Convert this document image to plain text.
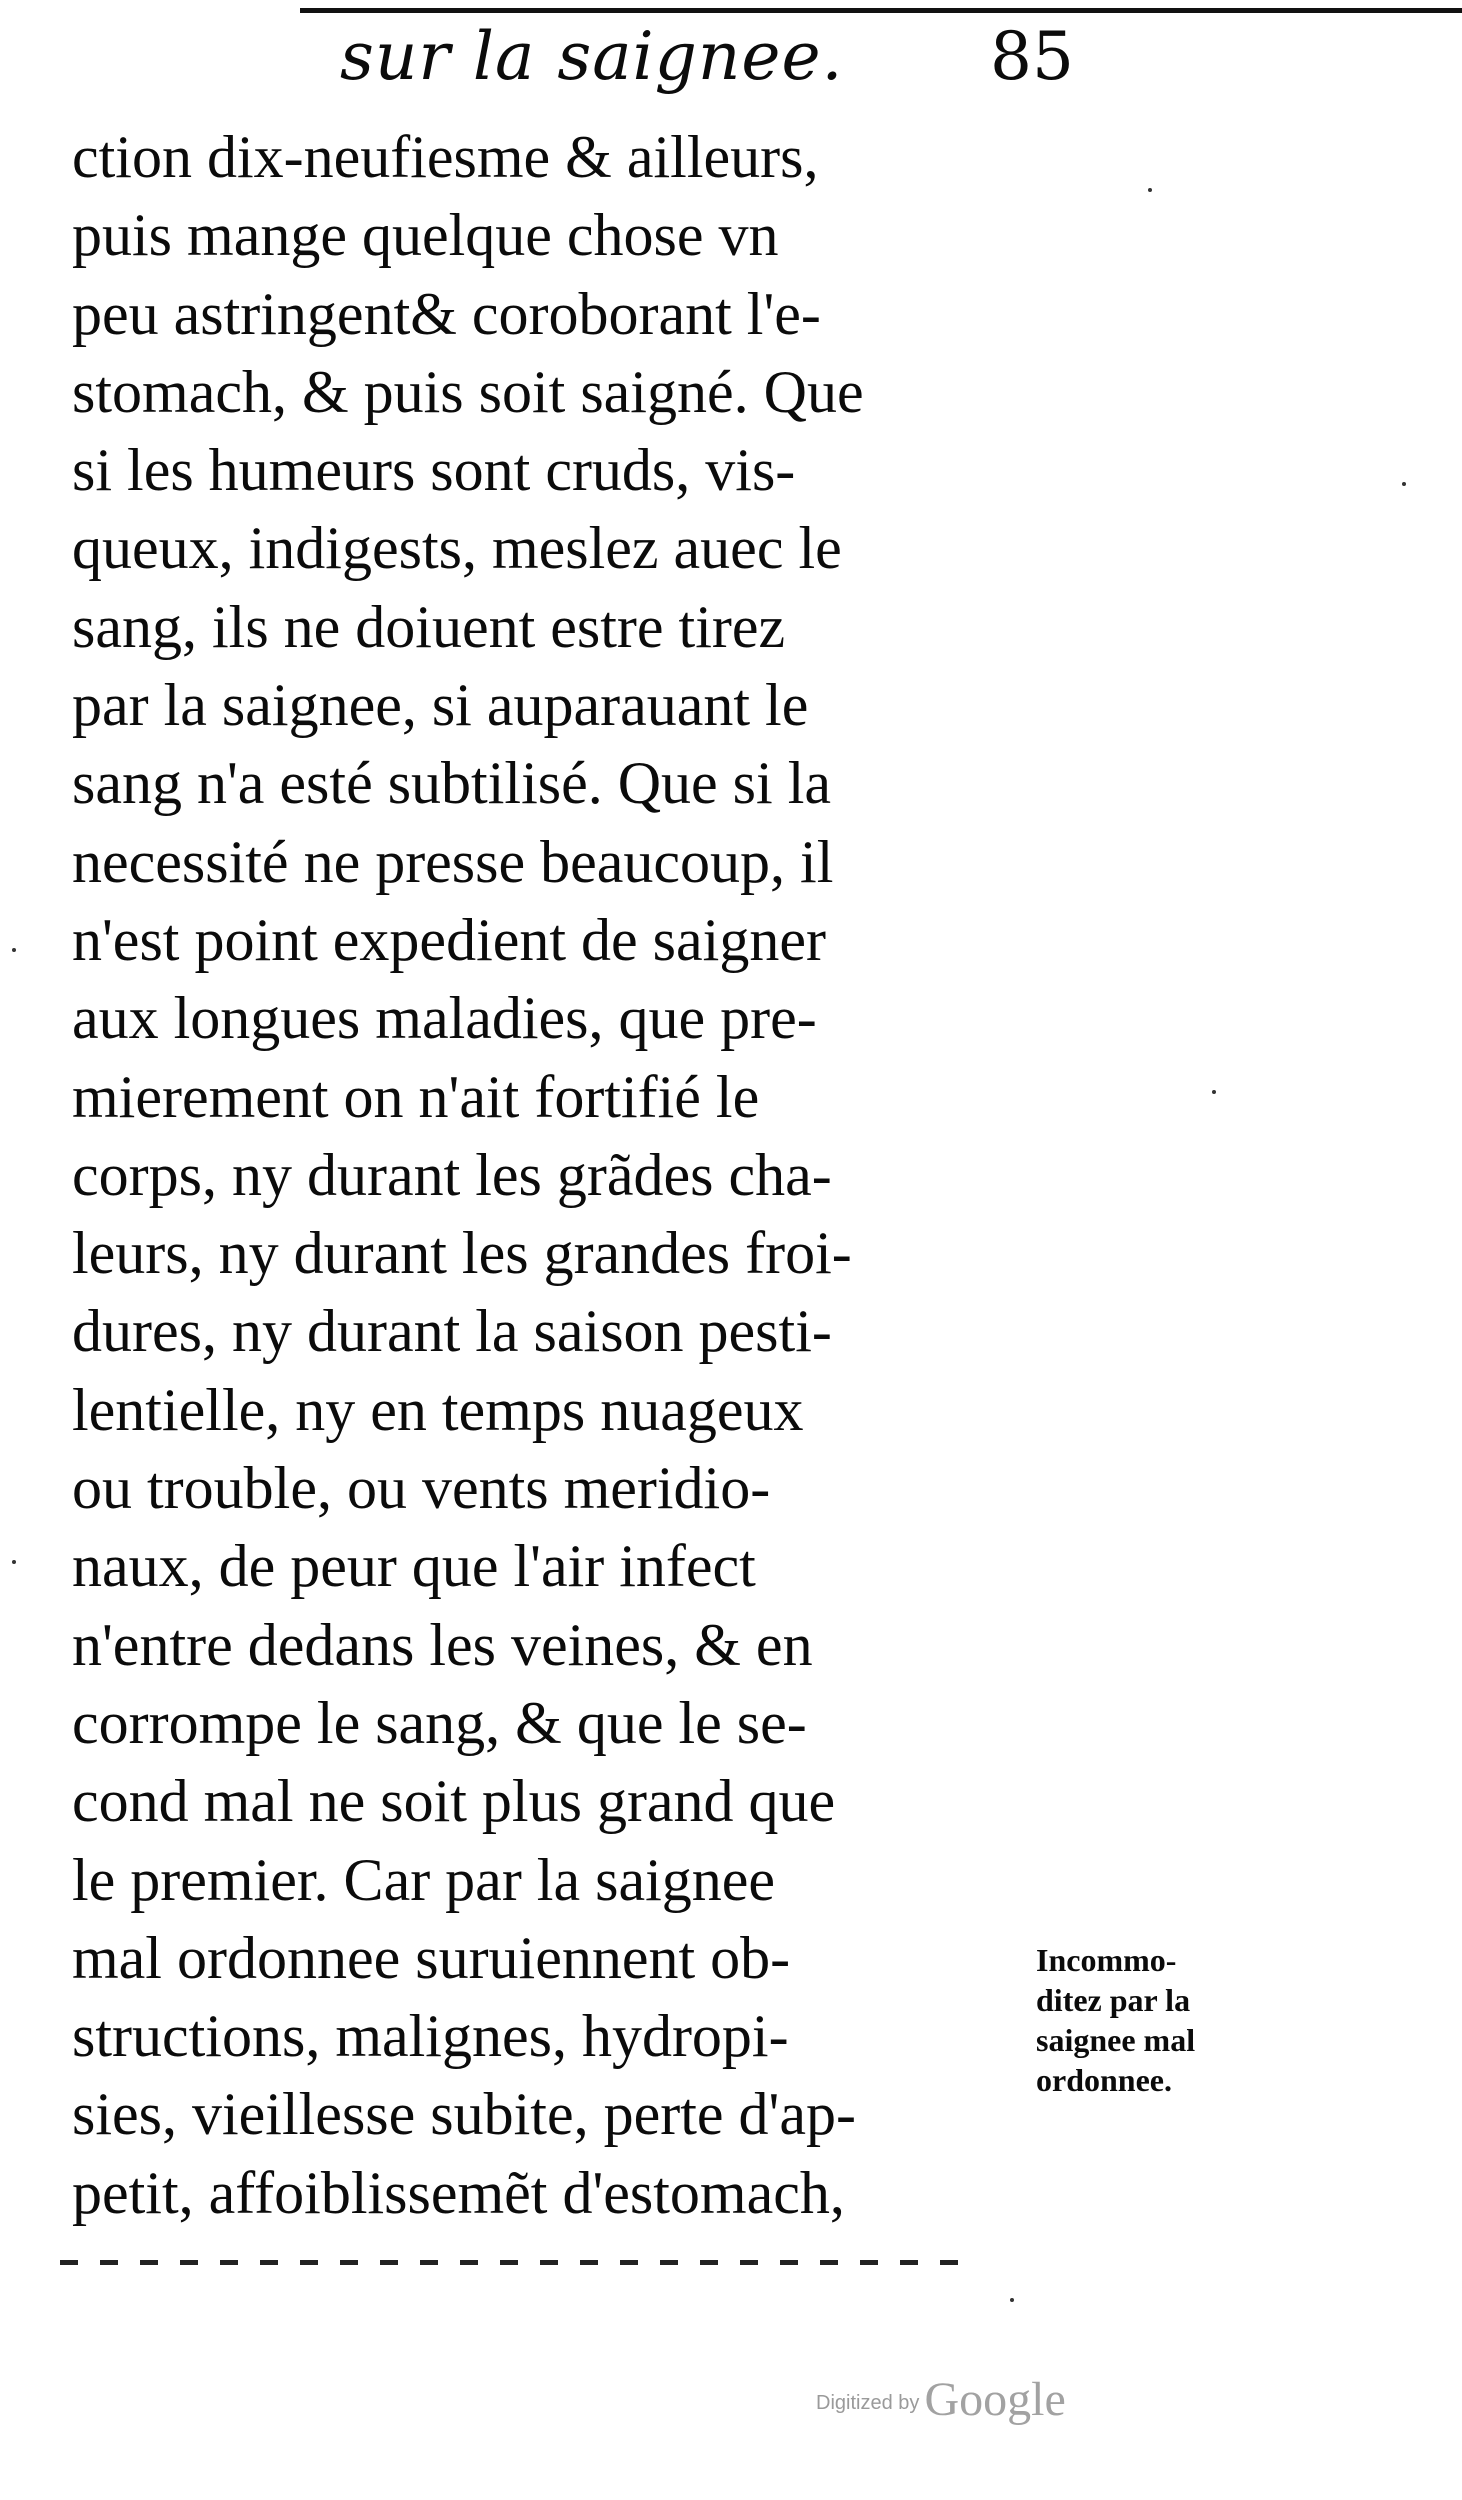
sur la saignee. 85
ction dix-neufiesme & ailleurs,
puis mange quelque chose vn
peu astringent& coroborant l'e-
stomach, & puis soit saigné. Que
si les humeurs sont cruds, vis-
queux, indigests, meslez auec le
sang, ils ne doiuent estre tirez
par la saignee, si auparauant le
sang n'a esté subtilisé. Que si la
necessité ne presse beaucoup, il
n'est point expedient de saigner
aux longues maladies, que pre-
mierement on n'ait fortifié le
corps, ny durant les grãdes cha-
leurs, ny durant les grandes froi-
dures, ny durant la saison pesti-
lentielle, ny en temps nuageux
ou trouble, ou vents meridio-
naux, de peur que l'air infect
n'entre dedans les veines, & en
corrompe le sang, & que le se-
cond mal ne soit plus grand que
le premier. Car par la saignee
mal ordonnee suruiennent ob-
structions, malignes, hydropi-
sies, vieillesse subite, perte d'ap-
petit, affoiblissemẽt d'estomach,
Incommo-
ditez par la
saignee mal
ordonnee.
Digitized by Google
